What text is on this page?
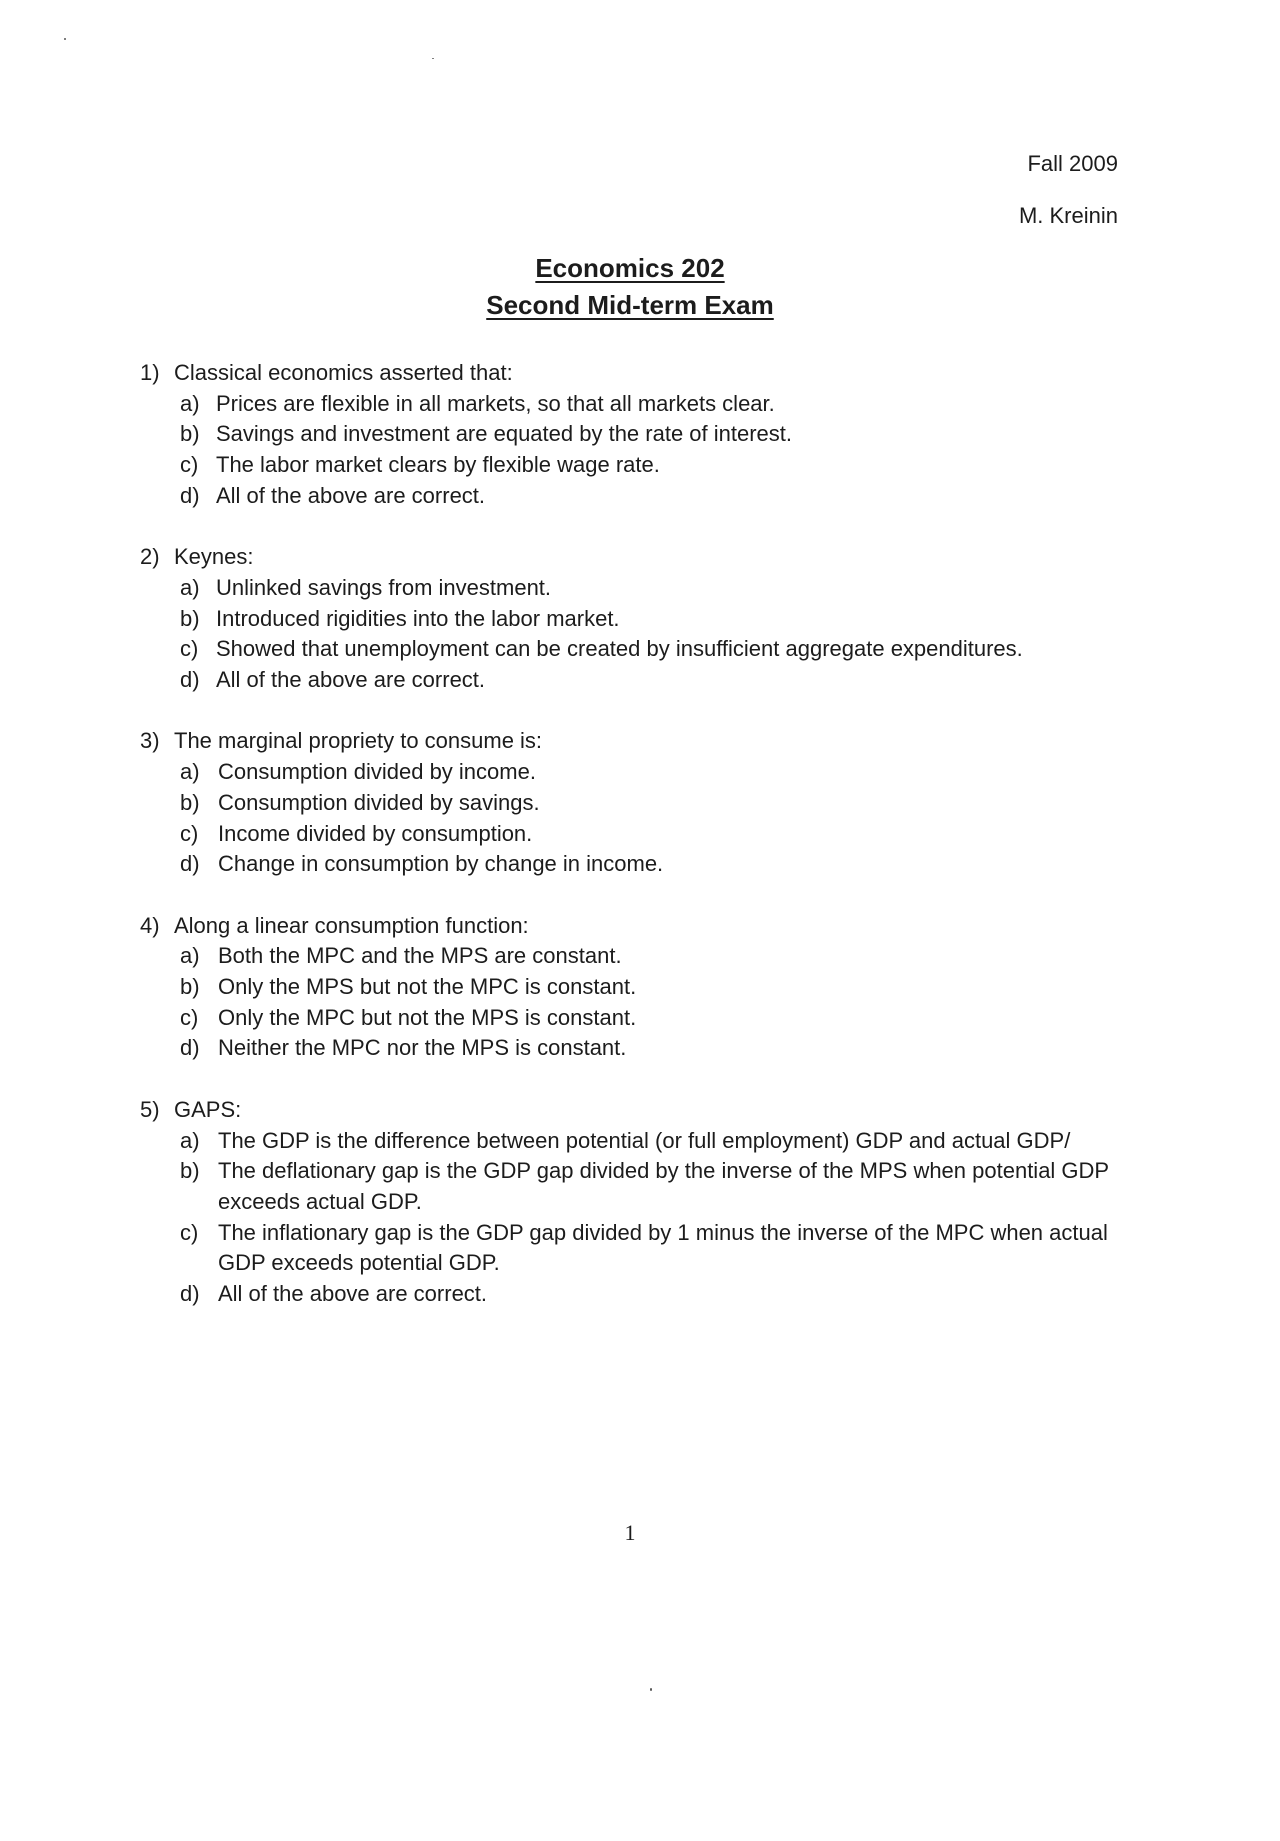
Fall 2009
M. Kreinin
Economics 202
Second Mid-term Exam
1) Classical economics asserted that:
a) Prices are flexible in all markets, so that all markets clear.
b) Savings and investment are equated by the rate of interest.
c) The labor market clears by flexible wage rate.
d) All of the above are correct.
2) Keynes:
a) Unlinked savings from investment.
b) Introduced rigidities into the labor market.
c) Showed that unemployment can be created by insufficient aggregate expenditures.
d) All of the above are correct.
3) The marginal propriety to consume is:
a) Consumption divided by income.
b) Consumption divided by savings.
c) Income divided by consumption.
d) Change in consumption by change in income.
4) Along a linear consumption function:
a) Both the MPC and the MPS are constant.
b) Only the MPS but not the MPC is constant.
c) Only the MPC but not the MPS is constant.
d) Neither the MPC nor the MPS is constant.
5) GAPS:
a) The GDP is the difference between potential (or full employment) GDP and actual GDP/
b) The deflationary gap is the GDP gap divided by the inverse of the MPS when potential GDP exceeds actual GDP.
c) The inflationary gap is the GDP gap divided by 1 minus the inverse of the MPC when actual GDP exceeds potential GDP.
d) All of the above are correct.
1
